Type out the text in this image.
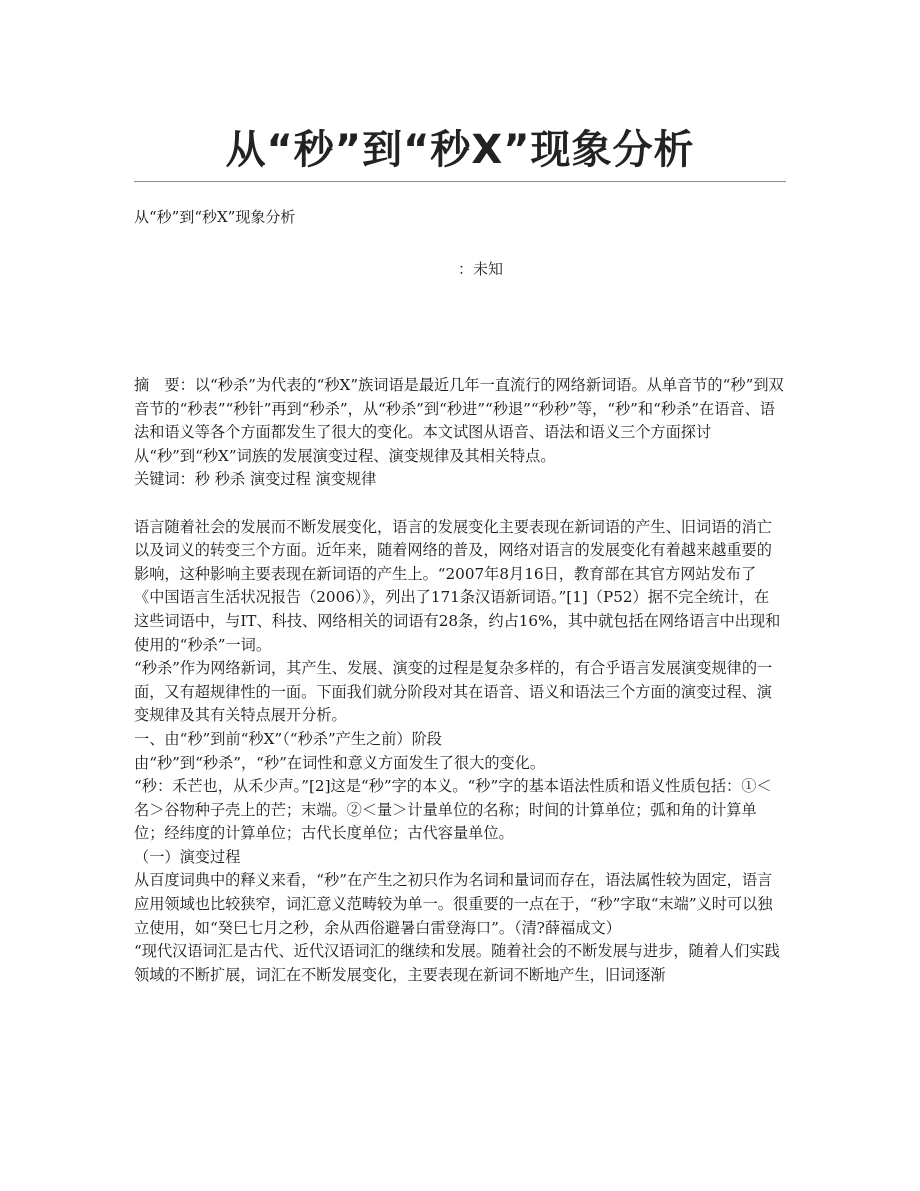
从“秒”到“秒X”现象分析
从“秒”到“秒X”现象分析
：未知

摘　要：以“秒杀”为代表的“秒X”族词语是最近几年一直流行的网络新词语。从单音节的“秒”到双音节的“秒表”“秒针”再到“秒杀”，从“秒杀”到“秒进”“秒退”“秒秒”等，“秒”和“秒杀”在语音、语法和语义等各个方面都发生了很大的变化。本文试图从语音、语法和语义三个方面探讨从“秒”到“秒X”词族的发展演变过程、演变规律及其相关特点。

关键词：秒 秒杀 演变过程 演变规律

语言随着社会的发展而不断发展变化，语言的发展变化主要表现在新词语的产生、旧词语的消亡以及词义的转变三个方面。近年来，随着网络的普及，网络对语言的发展变化有着越来越重要的影响，这种影响主要表现在新词语的产生上。“2007年8月16日，教育部在其官方网站发布了《中国语言生活状况报告（2006）》，列出了171条汉语新词语。”[1]（P52）据不完全统计，在这些词语中，与IT、科技、网络相关的词语有28条，约占16%，其中就包括在网络语言中出现和使用的“秒杀”一词。

“秒杀”作为网络新词，其产生、发展、演变的过程是复杂多样的，有合乎语言发展演变规律的一面，又有超规律性的一面。下面我们就分阶段对其在语音、语义和语法三个方面的演变过程、演变规律及其有关特点展开分析。

一、由“秒”到前“秒X”（“秒杀”产生之前）阶段

由“秒”到“秒杀”，“秒”在词性和意义方面发生了很大的变化。

“秒：禾芒也，从禾少声。”[2]这是“秒”字的本义。“秒”字的基本语法性质和语义性质包括：①＜名＞谷物种子壳上的芒；末端。②＜量＞计量单位的名称；时间的计算单位；弧和角的计算单位；经纬度的计算单位；古代长度单位；古代容量单位。

（一）演变过程

从百度词典中的释义来看，“秒”在产生之初只作为名词和量词而存在，语法属性较为固定，语言应用领域也比较狭窄，词汇意义范畴较为单一。很重要的一点在于，“秒”字取“末端”义时可以独立使用，如“癸巳七月之秒，余从西俗避暑白雷登海口”。（清?薛福成文）

“现代汉语词汇是古代、近代汉语词汇的继续和发展。随着社会的不断发展与进步，随着人们实践领域的不断扩展，词汇在不断发展变化，主要表现在新词不断地产生，旧词逐渐
